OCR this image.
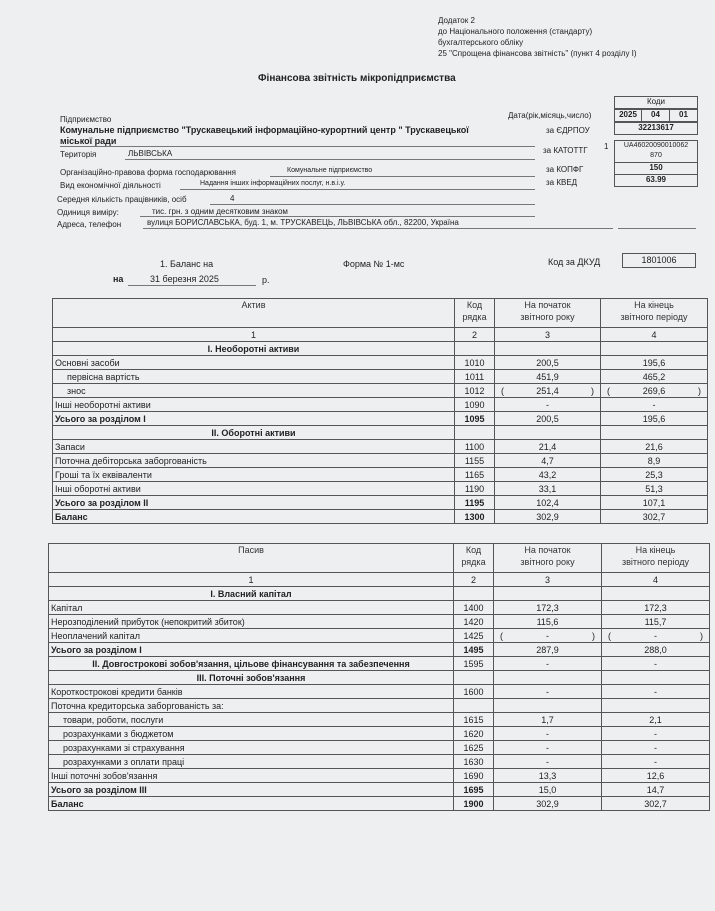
Додаток 2
до Національного положення (стандарту)
бухгалтерського обліку
25 "Спрощена фінансова звітність" (пункт 4 розділу I)
Фінансова звітність мікропідприємства
Коди
Дата(рік,місяць,число)	2025	04	01
Підприємство
Комунальне підприємство "Трускавецький інформаційно-курортний центр " Трускавецької
міської ради
за ЄДРПОУ	32213617
Територія	ЛЬВІВСЬКА	за КАТОТТГ 1	UA46020090010062
870
Організаційно-правова форма господарювання	Комунальне підприємство	за КОПФГ	150
Вид економічної діяльності	Надання інших інформаційних послуг, н.в.і.у.	за КВЕД	63.99
Середня кількість працівників, осіб	4
Одиниця виміру:	тис. грн. з одним десятковим знаком
Адреса, телефон	вулиця БОРИСЛАВСЬКА, буд. 1, м. ТРУСКАВЕЦЬ, ЛЬВІВСЬКА обл., 82200, Україна
1. Баланс на
на	31 березня 2025	р.
Форма № 1-мс	Код за ДКУД	1801006
Актив	Код
рядка	На початок
звітного року	На кінець
звітного періоду
1	2	3	4
I. Необоротні активи			
Основні засоби	1010	200,5	195,6
первісна вартість	1011	451,9	465,2
знос	1012	( 251,4 )	( 269,6 )

Інші необоротні активи	1090	-	-
Усього за розділом I	1095	200,5	195,6
II. Оборотні активи			
Запаси	1100	21,4	21,6
Поточна дебіторська заборгованість	1155	4,7	8,9
Гроші та їх еквіваленти	1165	43,2	25,3
Інші оборотні активи	1190	33,1	51,3
Усього за розділом II	1195	102,4	107,1
Баланс	1300	302,9	302,7
Пасив	Код
рядка	На початок
звітного року	На кінець
звітного періоду
1	2	3	4
I. Власний капітал			
Капітал	1400	172,3	172,3
Нерозподілений прибуток (непокритий збиток)	1420	115,6	115,7
Неоплачений капітал	1425	( - )	( - )

Усього за розділом I	1495	287,9	288,0
II. Довгострокові зобов'язання, цільове фінансування та забезпечення	1595	-	-
III. Поточні зобов'язання			
Короткострокові кредити банків	1600	-	-
Поточна кредиторська заборгованість за:			
товари, роботи, послуги	1615	1,7	2,1
розрахунками з бюджетом	1620	-	-
розрахунками зі страхування	1625	-	-
розрахунками з оплати праці	1630	-	-
Інші поточні зобов'язання	1690	13,3	12,6
Усього за розділом III	1695	15,0	14,7
Баланс	1900	302,9	302,7
